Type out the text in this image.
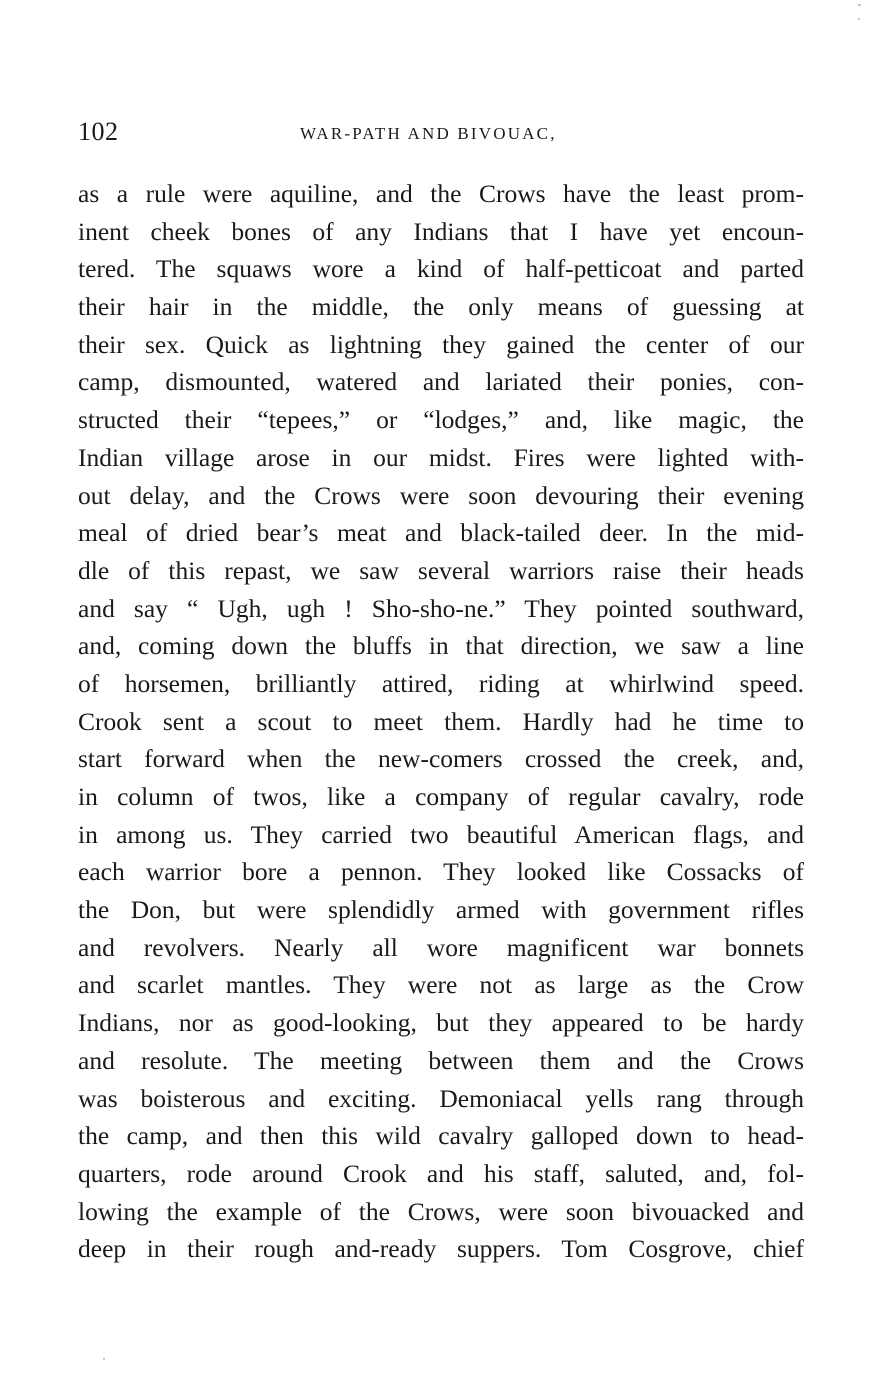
102	WAR-PATH AND BIVOUAC,
as a rule were aquiline, and the Crows have the least prom-
inent cheek bones of any Indians that I have yet encoun-
tered. The squaws wore a kind of half-petticoat and parted
their hair in the middle, the only means of guessing at
their sex. Quick as lightning they gained the center of our
camp, dismounted, watered and lariated their ponies, con-
structed their “tepees,” or “lodges,” and, like magic, the
Indian village arose in our midst. Fires were lighted with-
out delay, and the Crows were soon devouring their evening
meal of dried bear’s meat and black-tailed deer. In the mid-
dle of this repast, we saw several warriors raise their heads
and say “ Ugh, ugh ! Sho-sho-ne.” They pointed southward,
and, coming down the bluffs in that direction, we saw a line
of horsemen, brilliantly attired, riding at whirlwind speed.
Crook sent a scout to meet them. Hardly had he time to
start forward when the new-comers crossed the creek, and,
in column of twos, like a company of regular cavalry, rode
in among us. They carried two beautiful American flags, and
each warrior bore a pennon. They looked like Cossacks of
the Don, but were splendidly armed with government rifles
and revolvers. Nearly all wore magnificent war bonnets
and scarlet mantles. They were not as large as the Crow
Indians, nor as good-looking, but they appeared to be hardy
and resolute. The meeting between them and the Crows
was boisterous and exciting. Demoniacal yells rang through
the camp, and then this wild cavalry galloped down to head-
quarters, rode around Crook and his staff, saluted, and, fol-
lowing the example of the Crows, were soon bivouacked and
deep in their rough and-ready suppers. Tom Cosgrove, chief
